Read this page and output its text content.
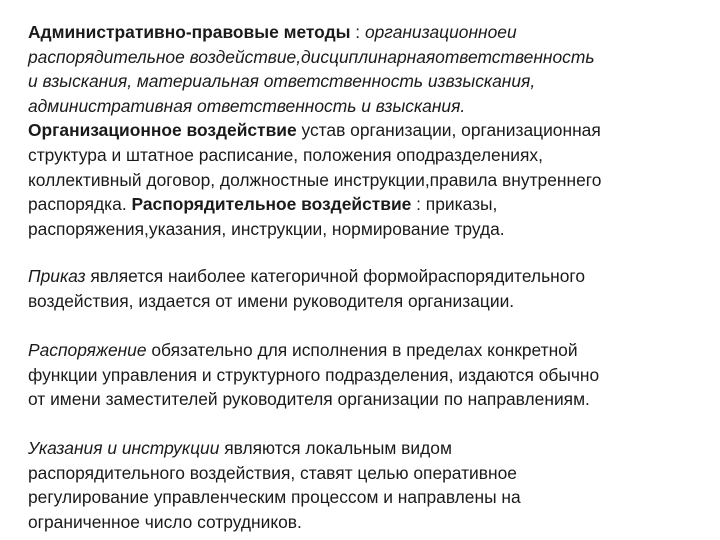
Административно-правовые методы : организационноеи
распорядительное воздействие,дисциплинарнаяответственность
и взыскания, материальная ответственность извзыскания,
административная ответственность и взыскания.
Организационное воздействие устав организации, организационная
структура и штатное расписание, положения оподразделениях,
коллективный договор, должностные инструкции,правила внутреннего
распорядка. Распорядительное воздействие : приказы,
распоряжения,указания, инструкции, нормирование труда.

Приказ является наиболее категоричной формойраспорядительного
воздействия, издается от имени руководителя организации.

Распоряжение обязательно для исполнения в пределах конкретной
функции управления и структурного подразделения, издаются обычно
от имени заместителей руководителя организации по направлениям.

Указания и инструкции являются локальным видом
распорядительного воздействия, ставят целью оперативное
регулирование управленческим процессом и направлены на
ограниченное число сотрудников.
